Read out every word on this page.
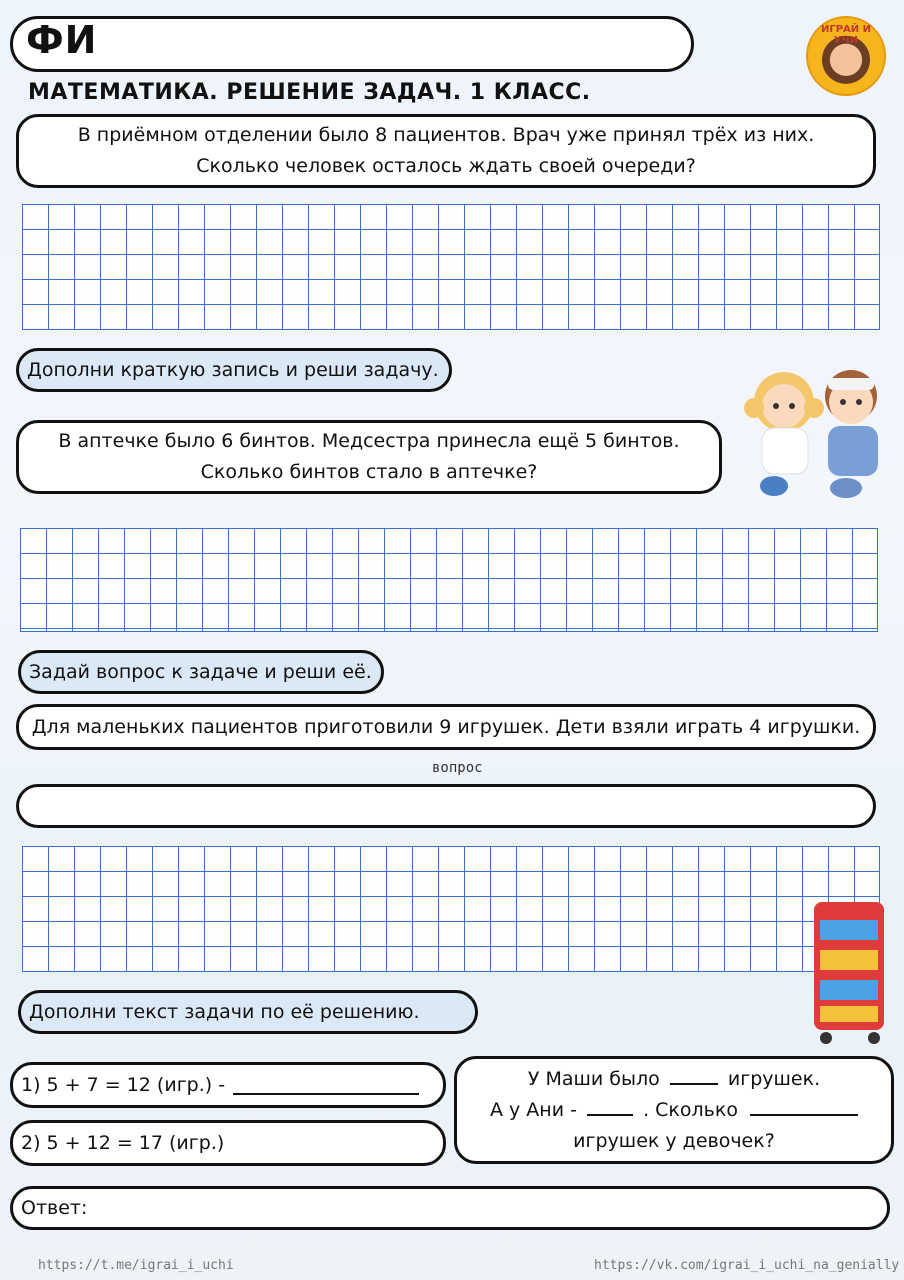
ФИ	ИГРАЙ И УЧИ
МАТЕМАТИКА. РЕШЕНИЕ ЗАДАЧ. 1 КЛАСС.
В приёмном отделении было 8 пациентов. Врач уже принял трёх из них.
Сколько человек осталось ждать своей очереди?
Дополни краткую запись и реши задачу.
В аптечке было 6 бинтов. Медсестра принесла ещё 5 бинтов.
Сколько бинтов стало в аптечке?
Задай вопрос к задаче и реши её.
Для маленьких пациентов приготовили 9 игрушек. Дети взяли играть 4 игрушки.
вопрос
Дополни текст задачи по её решению.
1) 5 + 7 = 12 (игр.) -
2) 5 + 12 = 17 (игр.)
У Маши было	игрушек.
А у Ани -	. Сколько
игрушек у девочек?
Ответ:
https://t.me/igrai_i_uchi	https://vk.com/igrai_i_uchi_na_genially
